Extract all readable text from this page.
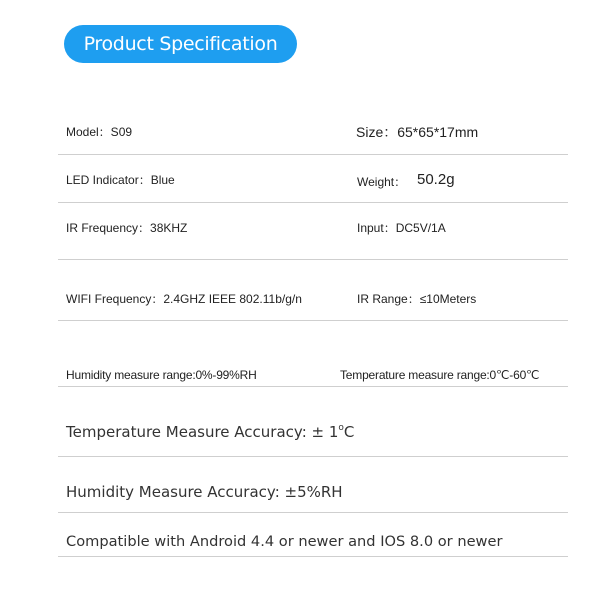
Product Specification
Model：S09	Size：65*65*17mm
LED Indicator：Blue	Weight： 50.2g
IR Frequency：38KHZ	Input：DC5V/1A
WIFI Frequency：2.4GHZ IEEE 802.11b/g/n	IR Range：≤10Meters
Humidity measure range:0%-99%RH	Temperature measure range:0℃-60℃
Temperature Measure Accuracy: ± $1^oC$
Humidity Measure Accuracy: ±5%RH
Compatible with Android 4.4 or newer and IOS 8.0 or newer
